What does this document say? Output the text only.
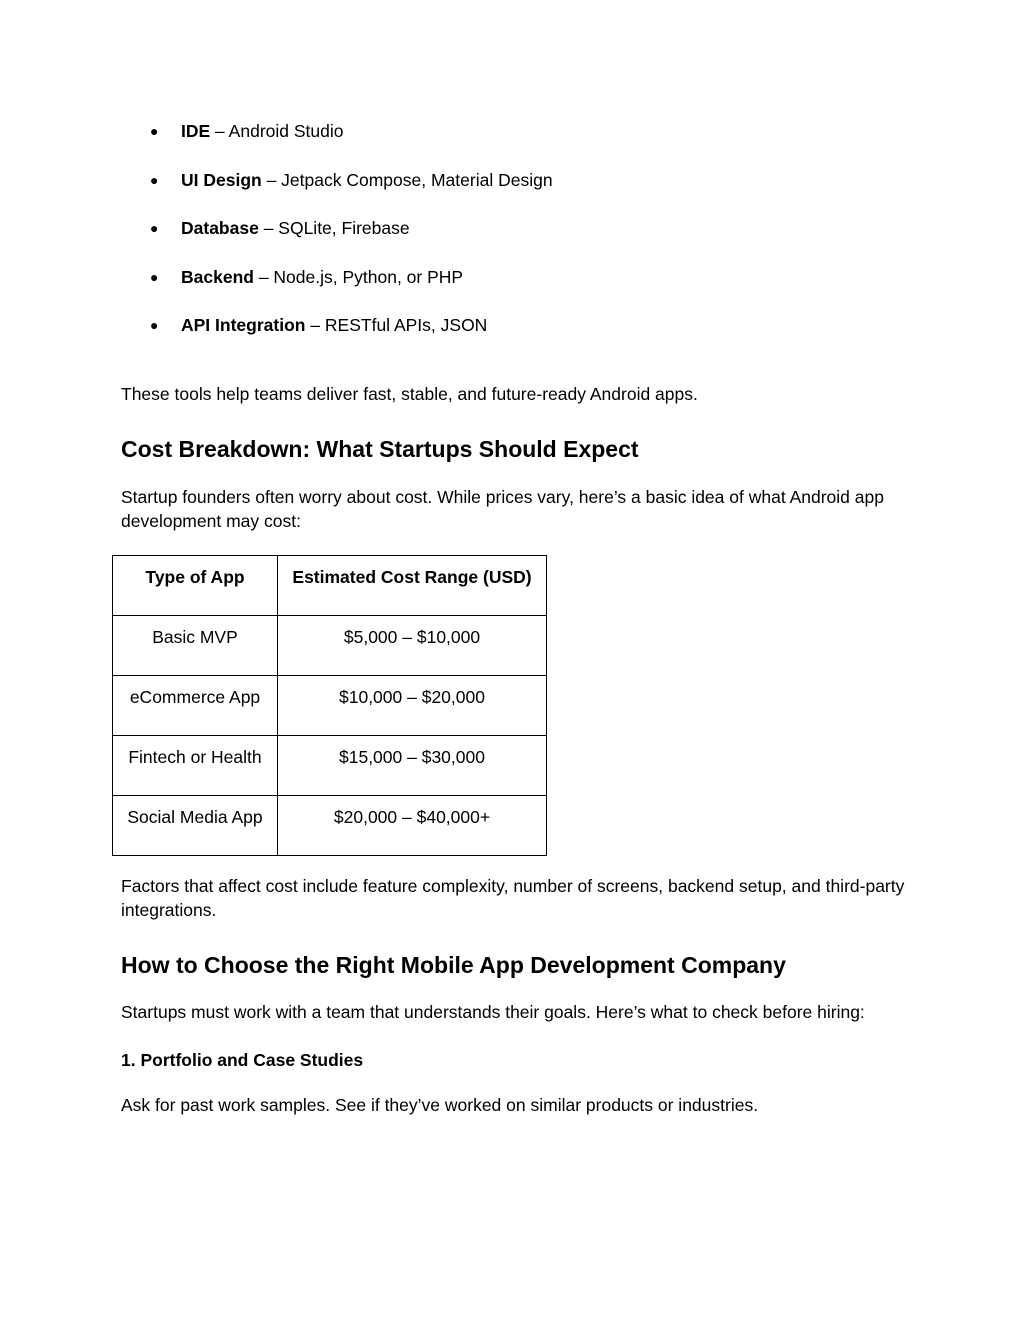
●	IDE – Android Studio
●	UI Design – Jetpack Compose, Material Design
●	Database – SQLite, Firebase
●	Backend – Node.js, Python, or PHP
●	API Integration – RESTful APIs, JSON

These tools help teams deliver fast, stable, and future-ready Android apps.

Cost Breakdown: What Startups Should Expect

Startup founders often worry about cost. While prices vary, here’s a basic idea of what Android app development may cost:

Type of App	Estimated Cost Range (USD)
Basic MVP	$5,000 – $10,000
eCommerce App	$10,000 – $20,000
Fintech or Health	$15,000 – $30,000
Social Media App	$20,000 – $40,000+

Factors that affect cost include feature complexity, number of screens, backend setup, and third-party integrations.

How to Choose the Right Mobile App Development Company

Startups must work with a team that understands their goals. Here’s what to check before hiring:

1. Portfolio and Case Studies

Ask for past work samples. See if they’ve worked on similar products or industries.
